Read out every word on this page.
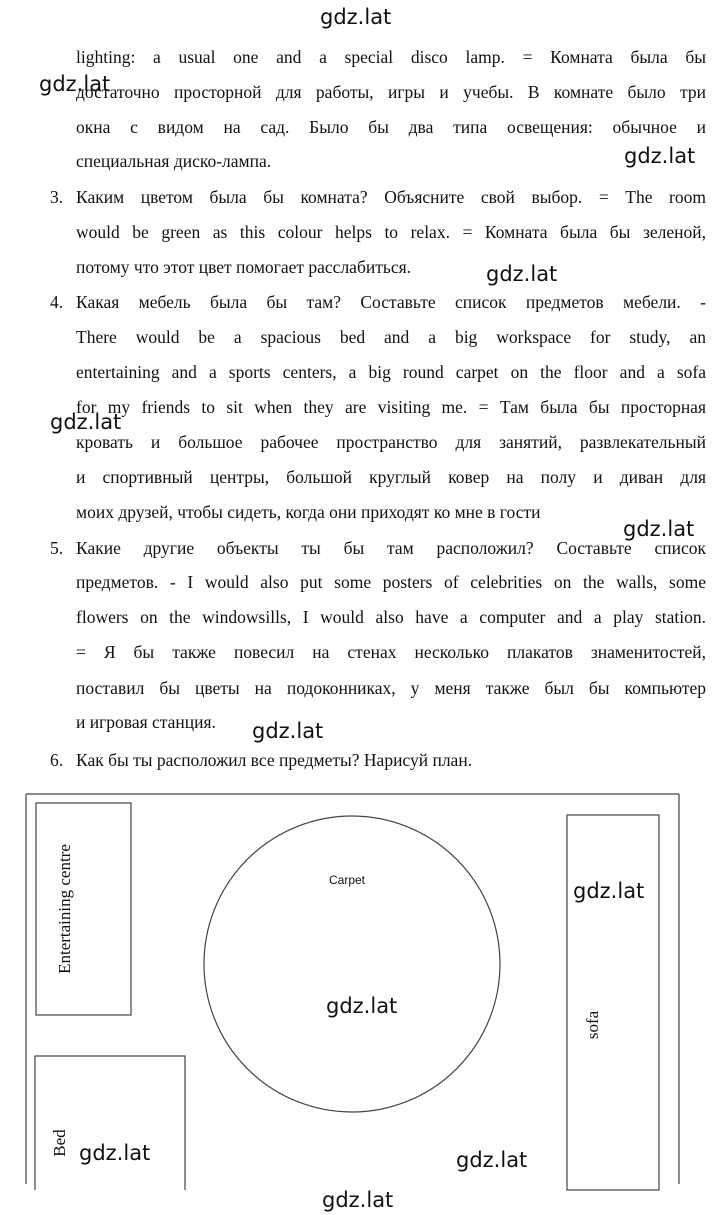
gdz.lat
lighting: a usual one and a special disco lamp. = Комната была бы
достаточно просторной для работы, игры и учебы. В комнате было три
окна с видом на сад. Было бы два типа освещения: обычное и
специальная диско-лампа.
gdz.lat
gdz.lat
3. Каким цветом была бы комната? Объясните свой выбор. = The room
would be green as this colour helps to relax. = Комната была бы зеленой,
потому что этот цвет помогает расслабиться.	gdz.lat
4. Какая мебель была бы там? Составьте список предметов мебели. -
There would be a spacious bed and a big workspace for study, an
entertaining and a sports centers, a big round carpet on the floor and a sofa
for my friends to sit when they are visiting me. = Там была бы просторная
кровать и большое рабочее пространство для занятий, развлекательный
и спортивный центры, большой круглый ковер на полу и диван для
моих друзей, чтобы сидеть, когда они приходят ко мне в гости
gdz.lat
gdz.lat
5. Какие другие объекты ты бы там расположил? Составьте список
предметов. - I would also put some posters of celebrities on the walls, some
flowers on the windowsills, I would also have a computer and a play station.
= Я бы также повесил на стенах несколько плакатов знаменитостей,
поставил бы цветы на подоконниках, у меня также был бы компьютер
и игровая станция. gdz.lat
6. Как бы ты расположил все предметы? Нарисуй план.
Entertaining centre	Carpet
sofa
Bed
gdz.lat
gdz.lat
gdz.lat	gdz.lat
gdz.lat
